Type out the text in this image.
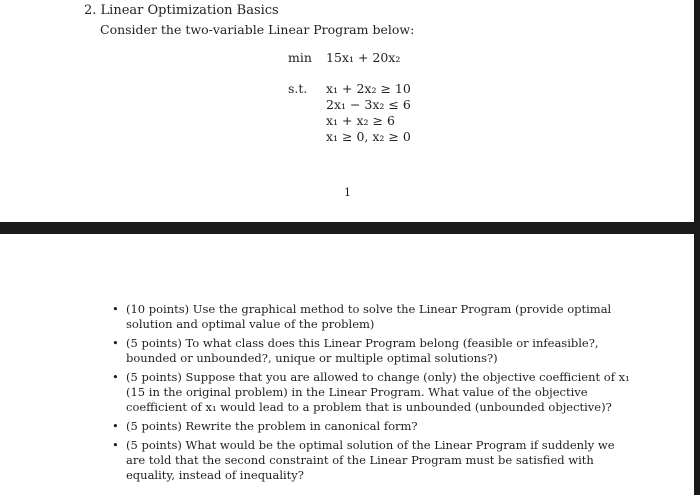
2. Linear Optimization Basics
Consider the two-variable Linear Program below:
min	15x₁ + 20x₂
s.t.	x₁ + 2x₂ ≥ 10
2x₁ − 3x₂ ≤ 6
x₁ + x₂ ≥ 6
x₁ ≥ 0, x₂ ≥ 0
1
• (10 points) Use the graphical method to solve the Linear Program (provide optimal solution and optimal value of the problem)
• (5 points) To what class does this Linear Program belong (feasible or infeasible?, bounded or unbounded?, unique or multiple optimal solutions?)
• (5 points) Suppose that you are allowed to change (only) the objective coefficient of x₁ (15 in the original problem) in the Linear Program. What value of the objective coefficient of x₁ would lead to a problem that is unbounded (unbounded objective)?
• (5 points) Rewrite the problem in canonical form?
• (5 points) What would be the optimal solution of the Linear Program if suddenly we are told that the second constraint of the Linear Program must be satisfied with equality, instead of inequality?
